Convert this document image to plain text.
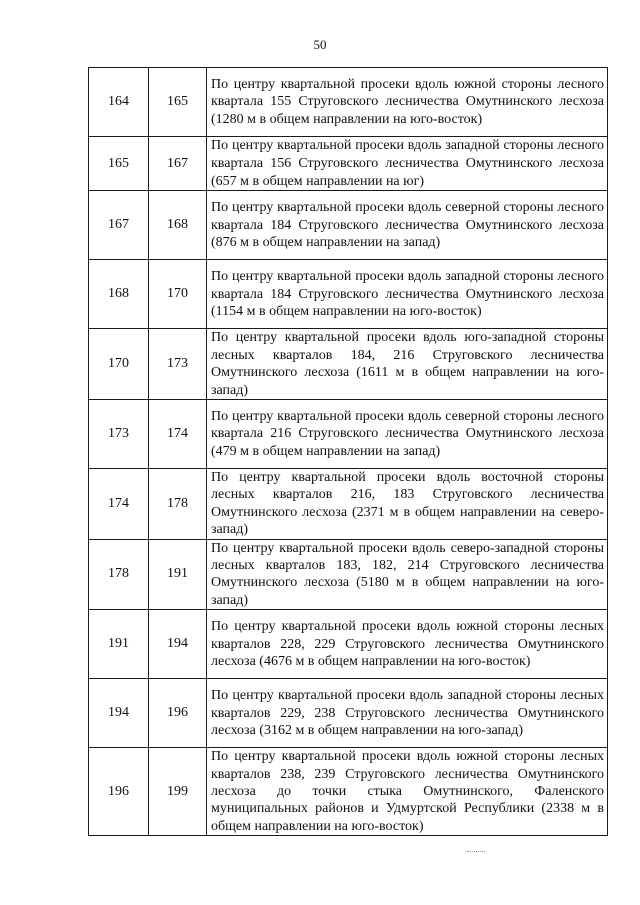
50
164	165	По центру квартальной просеки вдоль южной стороны лесного квартала 155 Струговского лесничества Омутнинского лесхоза (1280 м в общем направлении на юго-восток)
165	167	По центру квартальной просеки вдоль западной стороны лесного квартала 156 Струговского лесничества Омутнинского лесхоза (657 м в общем направлении на юг)
167	168	По центру квартальной просеки вдоль северной стороны лесного квартала 184 Струговского лесничества Омутнинского лесхоза (876 м в общем направлении на запад)
168	170	По центру квартальной просеки вдоль западной стороны лесного квартала 184 Струговского лесничества Омутнинского лесхоза (1154 м в общем направлении на юго-восток)
170	173	По центру квартальной просеки вдоль юго-западной стороны лесных кварталов 184, 216 Струговского лесничества Омутнинского лесхоза (1611 м в общем направлении на юго-запад)
173	174	По центру квартальной просеки вдоль северной стороны лесного квартала 216 Струговского лесничества Омутнинского лесхоза (479 м в общем направлении на запад)
174	178	По центру квартальной просеки вдоль восточной стороны лесных кварталов 216, 183 Струговского лесничества Омутнинского лесхоза (2371 м в общем направлении на северо-запад)
178	191	По центру квартальной просеки вдоль северо-западной стороны лесных кварталов 183, 182, 214 Струговского лесничества Омутнинского лесхоза (5180 м в общем направлении на юго-запад)
191	194	По центру квартальной просеки вдоль южной стороны лесных кварталов 228, 229 Струговского лесничества Омутнинского лесхоза (4676 м в общем направлении на юго-восток)
194	196	По центру квартальной просеки вдоль западной стороны лесных кварталов 229, 238 Струговского лесничества Омутнинского лесхоза (3162 м в общем направлении на юго-запад)
196	199	По центру квартальной просеки вдоль южной стороны лесных кварталов 238, 239 Струговского лесничества Омутнинского лесхоза до точки стыка Омутнинского, Фаленского муниципальных районов и Удмуртской Республики (2338 м в общем направлении на юго-восток)
